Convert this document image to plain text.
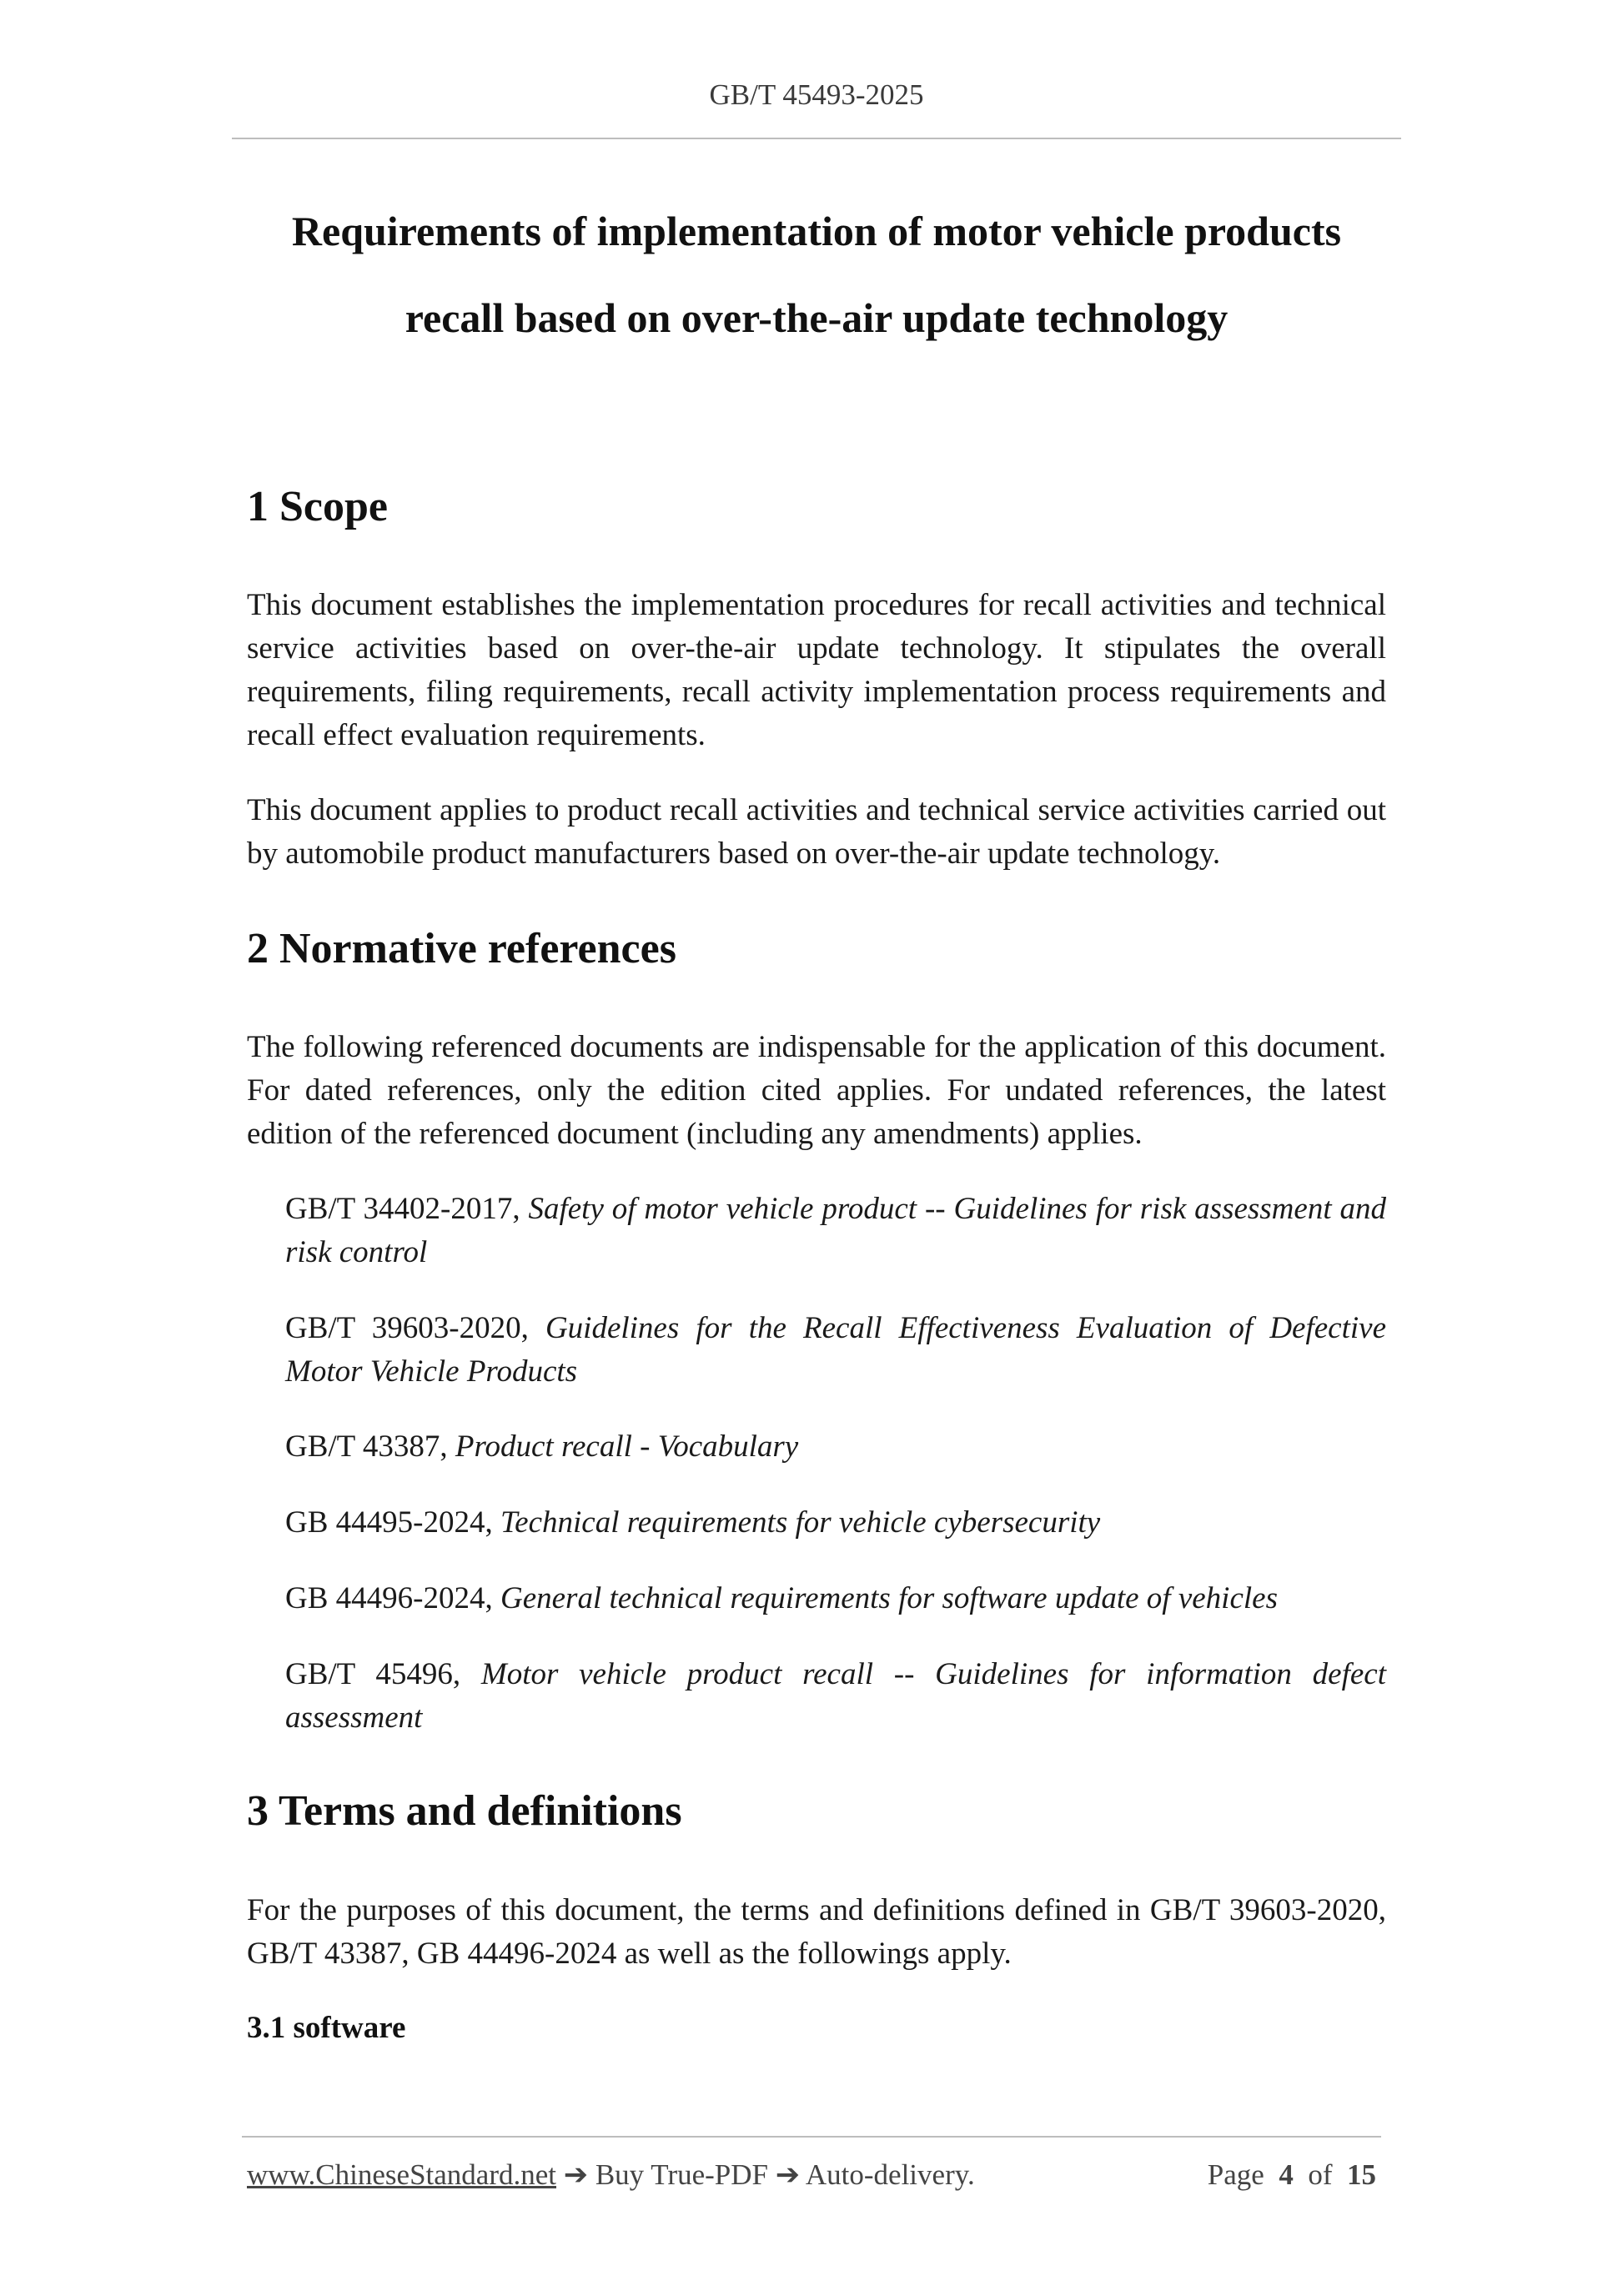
GB/T 45493-2025
Requirements of implementation of motor vehicle products
recall based on over-the-air update technology
1 Scope
This document establishes the implementation procedures for recall activities and technical service activities based on over-the-air update technology. It stipulates the overall requirements, filing requirements, recall activity implementation process requirements and recall effect evaluation requirements.
This document applies to product recall activities and technical service activities carried out by automobile product manufacturers based on over-the-air update technology.
2 Normative references
The following referenced documents are indispensable for the application of this document. For dated references, only the edition cited applies. For undated references, the latest edition of the referenced document (including any amendments) applies.
GB/T 34402-2017, Safety of motor vehicle product -- Guidelines for risk assessment and risk control
GB/T 39603-2020, Guidelines for the Recall Effectiveness Evaluation of Defective Motor Vehicle Products
GB/T 43387, Product recall - Vocabulary
GB 44495-2024, Technical requirements for vehicle cybersecurity
GB 44496-2024, General technical requirements for software update of vehicles
GB/T 45496, Motor vehicle product recall -- Guidelines for information defect assessment
3 Terms and definitions
For the purposes of this document, the terms and definitions defined in GB/T 39603-2020, GB/T 43387, GB 44496-2024 as well as the followings apply.
3.1 software
www.ChineseStandard.net ➔ Buy True-PDF ➔ Auto-delivery.	Page 4 of 15
